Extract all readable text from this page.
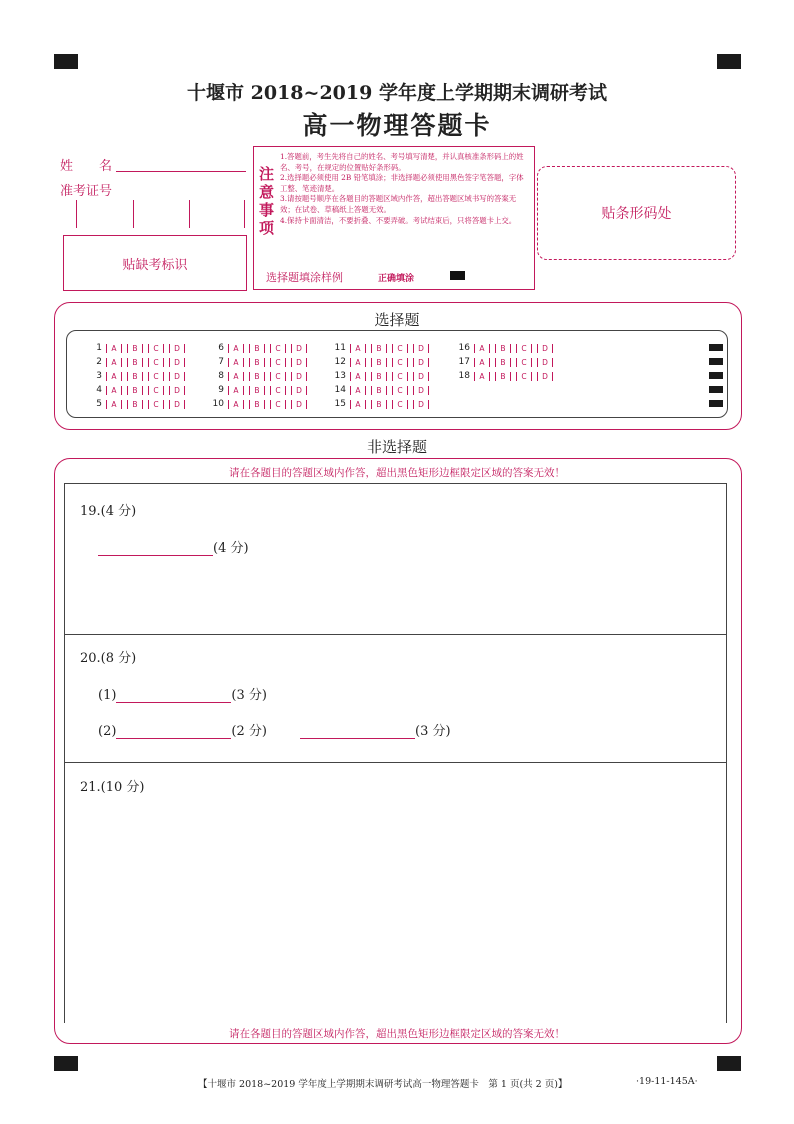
十堰市 2018~2019 学年度上学期期末调研考试
高一物理答题卡
姓　　名
准考证号
贴缺考标识
注意事项
1.答题前，考生先将自己的姓名、考号填写清楚，并认真核准条形码上的姓名、考号，在规定的位置贴好条形码。
2.选择题必须使用 2B 铅笔填涂；非选择题必须使用黑色签字笔答题，字体工整、笔迹清楚。
3.请按题号顺序在各题目的答题区域内作答，超出答题区域书写的答案无效；在试卷、草稿纸上答题无效。
4.保持卡面清洁，不要折叠、不要弄破。考试结束后，只将答题卡上交。
选择题填涂样例	正确填涂
贴条形码处
选择题
1	A	B	C	D
2	A	B	C	D
3	A	B	C	D
4	A	B	C	D
5	A	B	C	D
6	A	B	C	D
7	A	B	C	D
8	A	B	C	D
9	A	B	C	D
10	A	B	C	D
11	A	B	C	D
12	A	B	C	D
13	A	B	C	D
14	A	B	C	D
15	A	B	C	D
16	A	B	C	D
17	A	B	C	D
18	A	B	C	D
非选择题
请在各题目的答题区域内作答，超出黑色矩形边框限定区域的答案无效！
请在各题目的答题区域内作答，超出黑色矩形边框限定区域的答案无效！
19.(4 分)
(4 分)
20.(8 分)
(1)	(3 分)
(2)	(2 分)	(3 分)
21.(10 分)
【十堰市 2018~2019 学年度上学期期末调研考试高一物理答题卡　第 1 页(共 2 页)】	·19-11-145A·
